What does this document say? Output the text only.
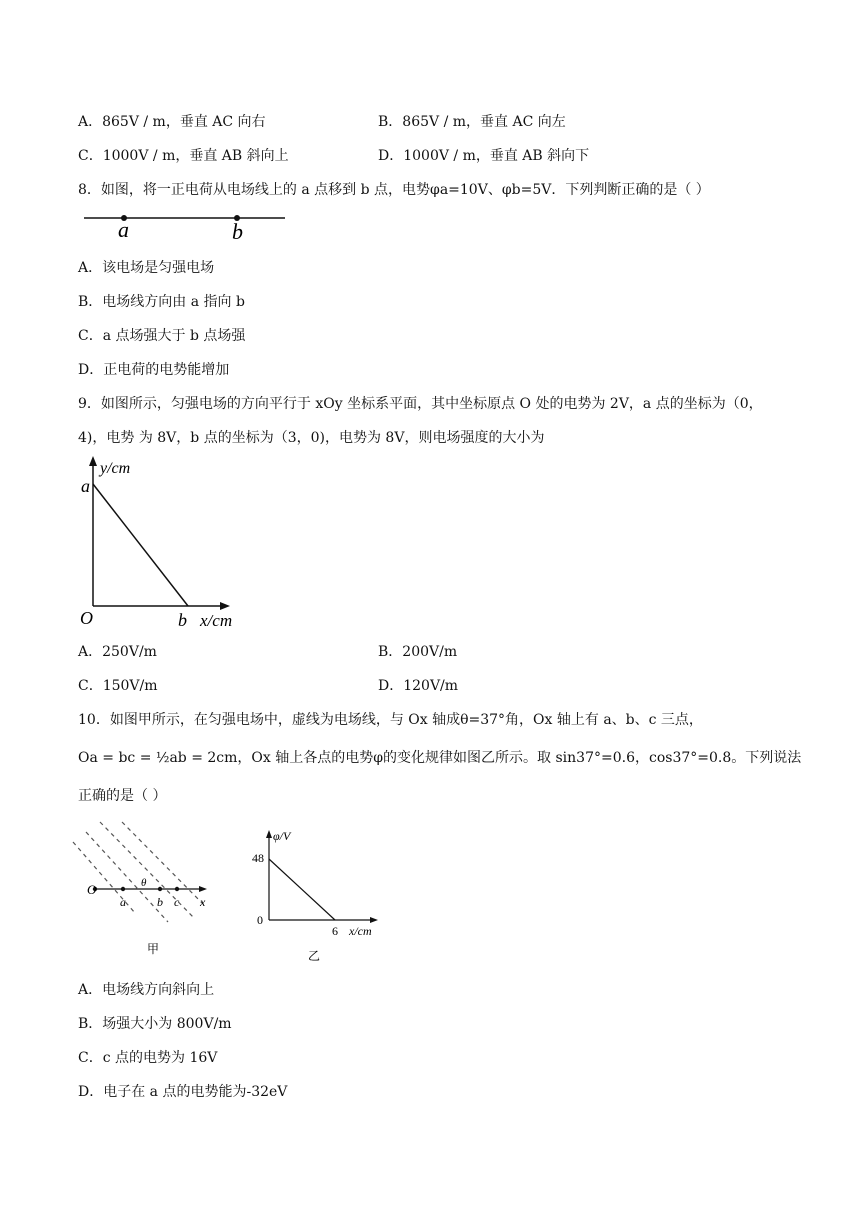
A．865V / m，垂直 AC 向右	B．865V / m，垂直 AC 向左
C．1000V / m，垂直 AB 斜向上	D．1000V / m，垂直 AB 斜向下
8．如图，将一正电荷从电场线上的 a 点移到 b 点，电势φa=10V、φb=5V．下列判断正确的是（ ）
a	b
A．该电场是匀强电场
B．电场线方向由 a 指向 b
C．a 点场强大于 b 点场强
D．正电荷的电势能增加
9．如图所示，匀强电场的方向平行于 xOy 坐标系平面，其中坐标原点 O 处的电势为 2V，a 点的坐标为（0，
4)，电势 为 8V，b 点的坐标为（3，0)，电势为 8V，则电场强度的大小为
y/cm
a
O	b x/cm
A．250V/m	B．200V/m
C．150V/m	D．120V/m
10．如图甲所示，在匀强电场中，虚线为电场线，与 Ox 轴成θ=37°角，Ox 轴上有 a、b、c 三点，
Oa = bc = ½ab = 2cm，Ox 轴上各点的电势φ的变化规律如图乙所示。取 sin37°=0.6，cos37°=0.8。下列说法
正确的是（ ）
O	θ
a	b c x
甲
φ/V
48
0
6 x/cm
乙
A．电场线方向斜向上
B．场强大小为 800V/m
C．c 点的电势为 16V
D．电子在 a 点的电势能为-32eV
